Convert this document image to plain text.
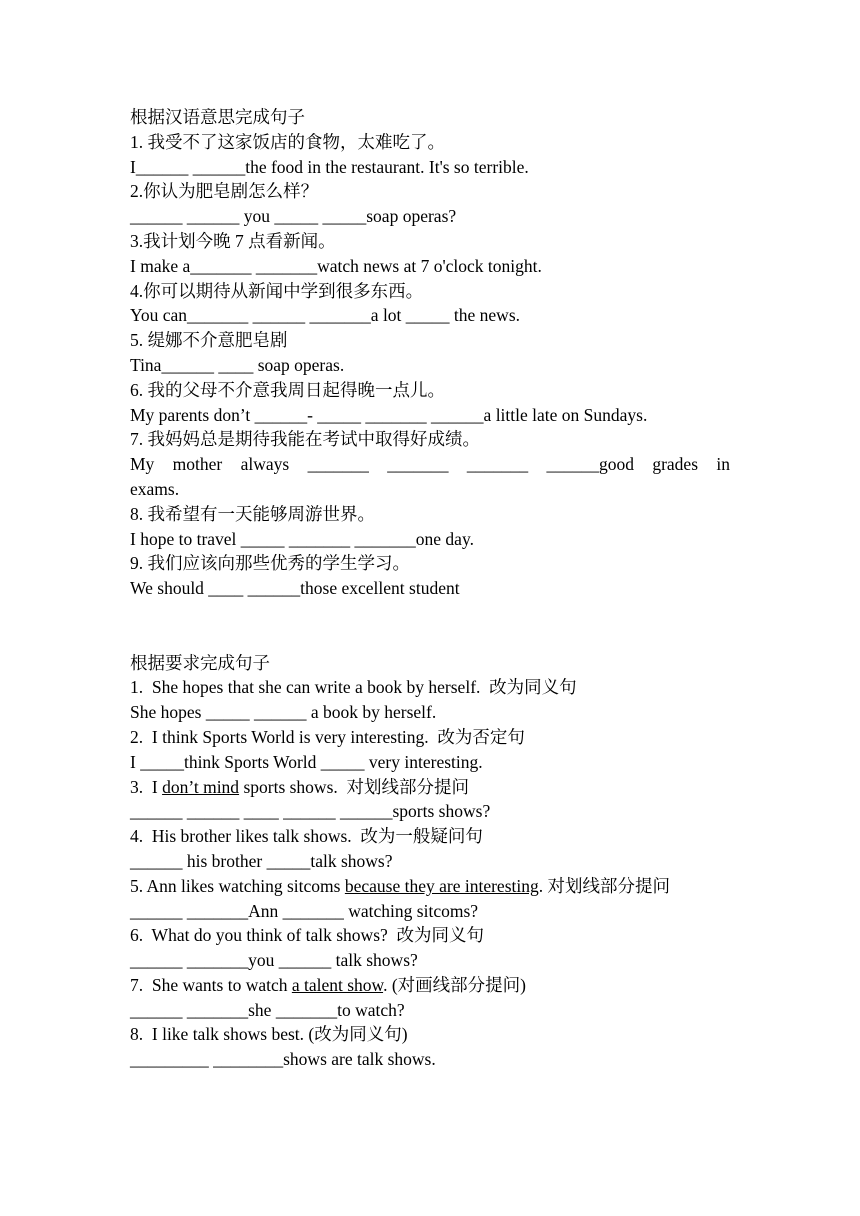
根据汉语意思完成句子
1. 我受不了这家饭店的食物，太难吃了。
I______ ______the food in the restaurant. It's so terrible.
2.你认为肥皂剧怎么样？
______ ______ you _____ _____soap operas?
3.我计划今晚 7 点看新闻。
I make a_______ _______watch news at 7 o'clock tonight.
4.你可以期待从新闻中学到很多东西。
You can_______ ______ _______a lot _____ the news.
5. 缇娜不介意肥皂剧
Tina______ ____ soap operas.
6. 我的父母不介意我周日起得晚一点儿。
My parents don’t ______- _____ _______ ______a little late on Sundays.
7. 我妈妈总是期待我能在考试中取得好成绩。
My mother always _______ _______ _______ ______good grades in
exams.
8. 我希望有一天能够周游世界。
I hope to travel _____ _______ _______one day.
9. 我们应该向那些优秀的学生学习。
We should ____ ______those excellent student
根据要求完成句子
1.  She hopes that she can write a book by herself.  改为同义句
She hopes _____ ______ a book by herself.
2.  I think Sports World is very interesting.  改为否定句
I _____think Sports World _____ very interesting.
3.  I don’t mind sports shows.  对划线部分提问
______ ______ ____ ______ ______sports shows?
4.  His brother likes talk shows.  改为一般疑问句
______ his brother _____talk shows?
5. Ann likes watching sitcoms because they are interesting. 对划线部分提问
______ _______Ann _______ watching sitcoms?
6.  What do you think of talk shows?  改为同义句
______ _______you ______ talk shows?
7.  She wants to watch a talent show. (对画线部分提问)
______ _______she _______to watch?
8.  I like talk shows best. (改为同义句)
_________ ________shows are talk shows.
